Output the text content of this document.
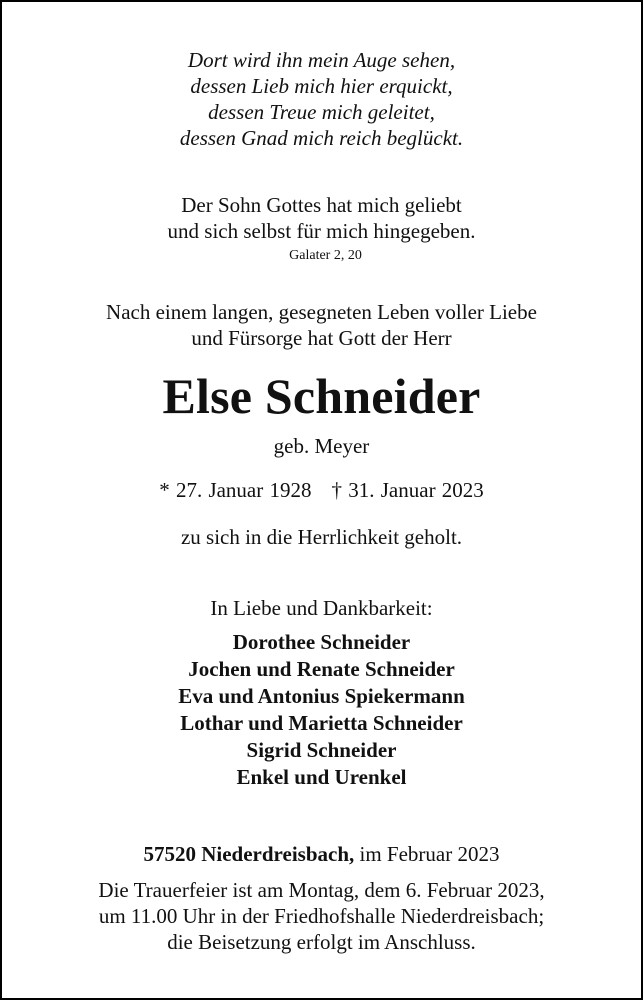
Dort wird ihn mein Auge sehen,
dessen Lieb mich hier erquickt,
dessen Treue mich geleitet,
dessen Gnad mich reich beglückt.
Der Sohn Gottes hat mich geliebt
und sich selbst für mich hingegeben.
Galater 2, 20
Nach einem langen, gesegneten Leben voller Liebe
und Fürsorge hat Gott der Herr
Else Schneider
geb. Meyer
* 27. Januar 1928 † 31. Januar 2023
zu sich in die Herrlichkeit geholt.
In Liebe und Dankbarkeit:
Dorothee Schneider
Jochen und Renate Schneider
Eva und Antonius Spiekermann
Lothar und Marietta Schneider
Sigrid Schneider
Enkel und Urenkel
57520 Niederdreisbach, im Februar 2023
Die Trauerfeier ist am Montag, dem 6. Februar 2023,
um 11.00 Uhr in der Friedhofshalle Niederdreisbach;
die Beisetzung erfolgt im Anschluss.
